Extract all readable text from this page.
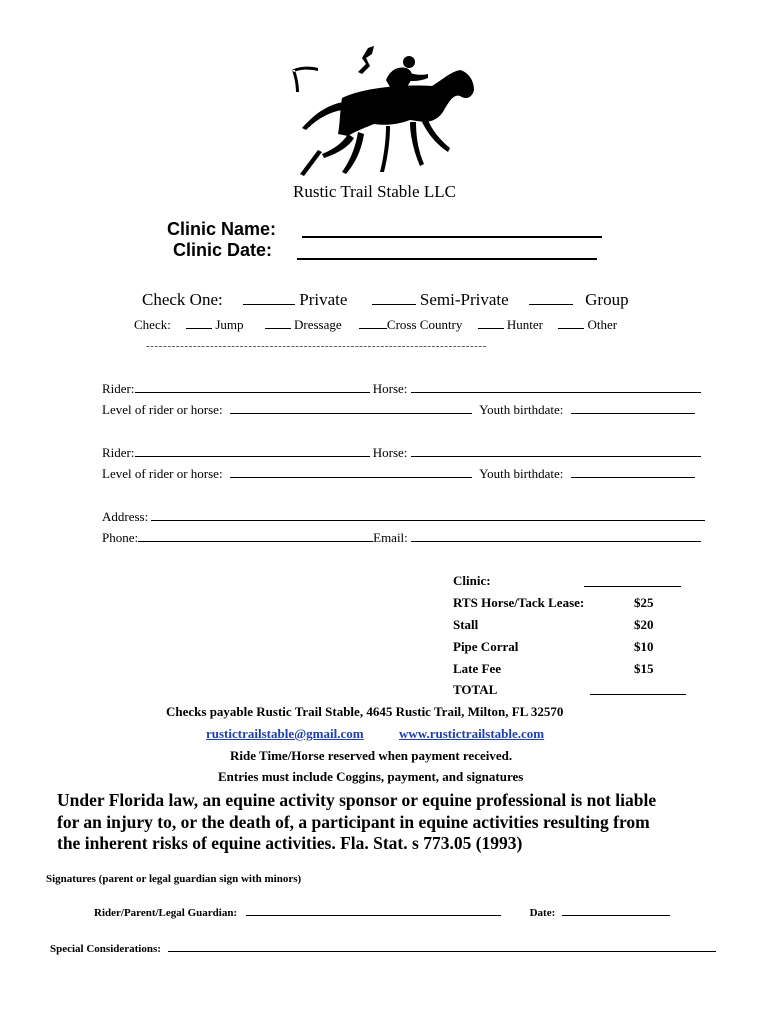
Rustic Trail Stable LLC
Clinic Name:
Clinic Date:
Check One:	Private	Semi-Private	Group
Check:	Jump	Dressage	Cross Country	Hunter	Other
--------------------------------------------------------------------------------
Rider:	Horse:
Level of rider or horse:	Youth birthdate:
Rider:	Horse:
Level of rider or horse:	Youth birthdate:
Address:
Phone:	Email:
Clinic:
RTS Horse/Tack Lease:	$25
Stall	$20
Pipe Corral	$10
Late Fee	$15
TOTAL
Checks payable Rustic Trail Stable, 4645 Rustic Trail, Milton, FL 32570
rustictrailstable@gmail.com	www.rustictrailstable.com
Ride Time/Horse reserved when payment received.
Entries must include Coggins, payment, and signatures
Under Florida law, an equine activity sponsor or equine professional is not liable
for an injury to, or the death of, a participant in equine activities resulting from
the inherent risks of equine activities. Fla. Stat. s 773.05 (1993)
Signatures (parent or legal guardian sign with minors)
Rider/Parent/Legal Guardian:	Date:
Special Considerations:
